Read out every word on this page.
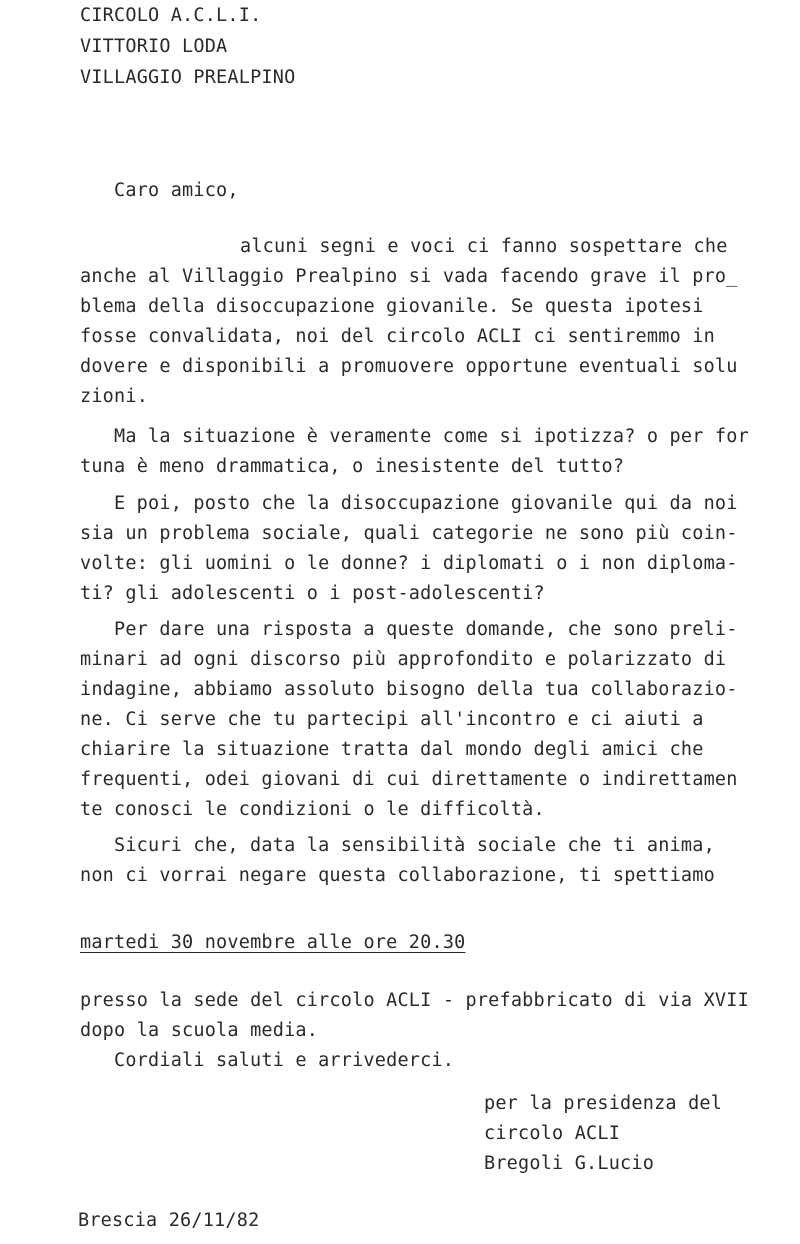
CIRCOLO A.C.L.I.
VITTORIO LODA
VILLAGGIO PREALPINO
Caro amico,
alcuni segni e voci ci fanno sospettare che
anche al Villaggio Prealpino si vada facendo grave il pro_
blema della disoccupazione giovanile. Se questa ipotesi
fosse convalidata, noi del circolo ACLI ci sentiremmo in
dovere e disponibili a promuovere opportune eventuali solu
zioni.
Ma la situazione è veramente come si ipotizza? o per for
tuna è meno drammatica, o inesistente del tutto?
E poi, posto che la disoccupazione giovanile qui da noi
sia un problema sociale, quali categorie ne sono più coin-
volte: gli uomini o le donne? i diplomati o i non diploma-
ti? gli adolescenti o i post-adolescenti?
Per dare una risposta a queste domande, che sono preli-
minari ad ogni discorso più approfondito e polarizzato di
indagine, abbiamo assoluto bisogno della tua collaborazio-
ne. Ci serve che tu partecipi all'incontro e ci aiuti a
chiarire la situazione tratta dal mondo degli amici che
frequenti, odei giovani di cui direttamente o indirettamen
te conosci le condizioni o le difficoltà.
Sicuri che, data la sensibilità sociale che ti anima,
non ci vorrai negare questa collaborazione, ti spettiamo
martedi 30 novembre alle ore 20.30
presso la sede del circolo ACLI - prefabbricato di via XVII
dopo la scuola media.
Cordiali saluti e arrivederci.
per la presidenza del
circolo ACLI
Bregoli G.Lucio
Brescia 26/11/82
